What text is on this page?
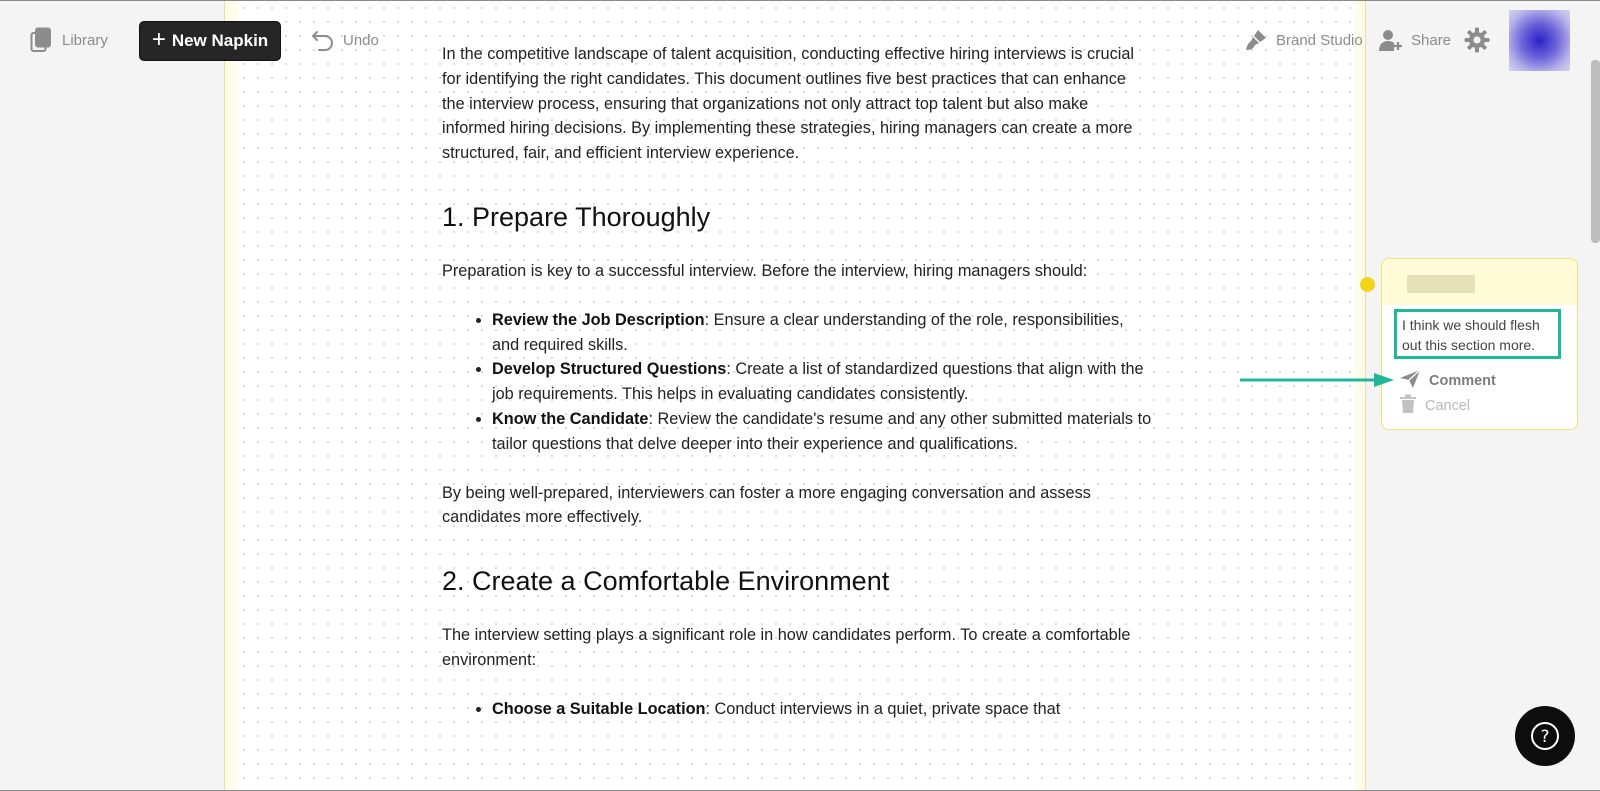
In the competitive landscape of talent acquisition, conducting effective hiring interviews is crucial for identifying the right candidates. This document outlines five best practices that can enhance the interview process, ensuring that organizations not only attract top talent but also make informed hiring decisions. By implementing these strategies, hiring managers can create a more structured, fair, and efficient interview experience.

1. Prepare Thoroughly

Preparation is key to a successful interview. Before the interview, hiring managers should:

• Review the Job Description: Ensure a clear understanding of the role, responsibilities, and required skills.
• Develop Structured Questions: Create a list of standardized questions that align with the job requirements. This helps in evaluating candidates consistently.
• Know the Candidate: Review the candidate's resume and any other submitted materials to tailor questions that delve deeper into their experience and qualifications.

By being well-prepared, interviewers can foster a more engaging conversation and assess candidates more effectively.

2. Create a Comfortable Environment

The interview setting plays a significant role in how candidates perform. To create a comfortable environment:

• Choose a Suitable Location: Conduct interviews in a quiet, private space that
Library + New Napkin	Undo	Brand Studio	Share
I think we should flesh out this section more.
Comment
Cancel
?
